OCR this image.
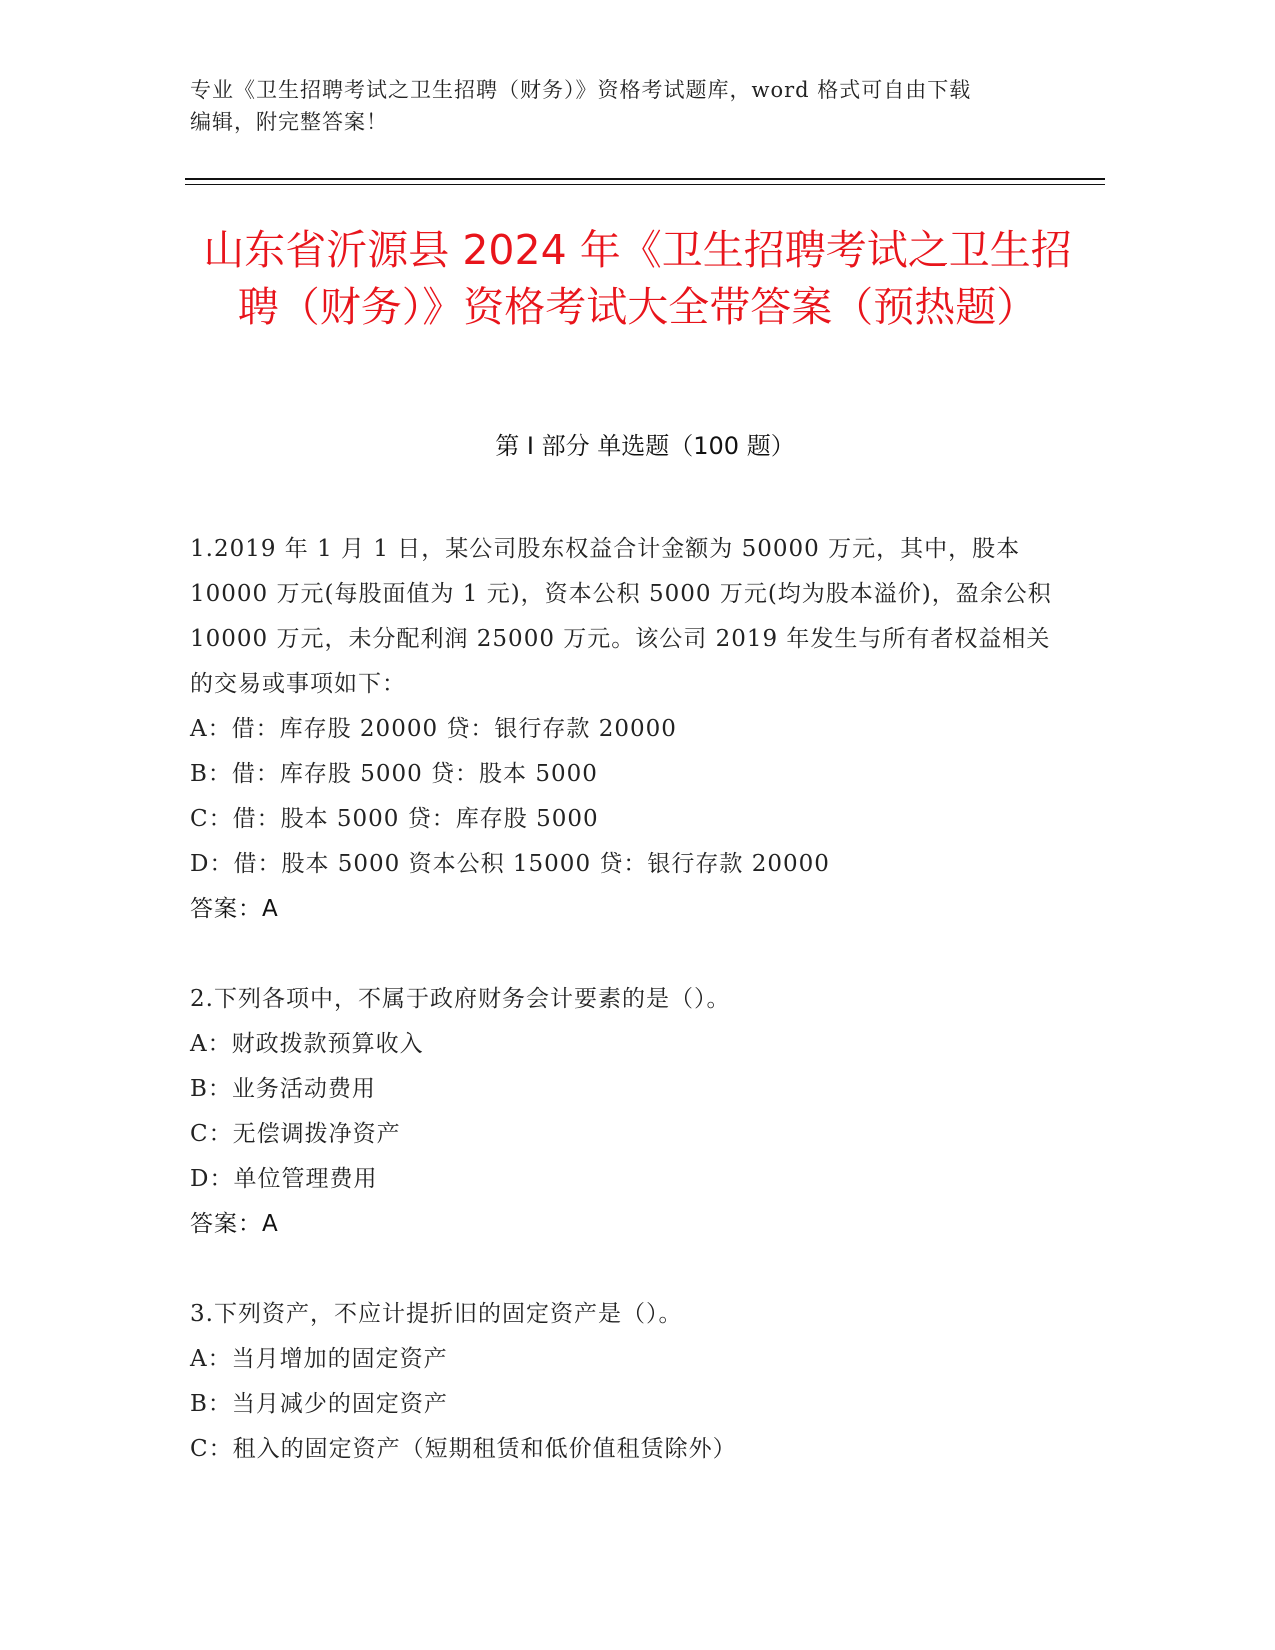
专业《卫生招聘考试之卫生招聘（财务）》资格考试题库，word 格式可自由下载
编辑，附完整答案！
山东省沂源县 2024 年《卫生招聘考试之卫生招聘（财务）》资格考试大全带答案（预热题）
第 I 部分 单选题（100 题）

1.2019 年 1 月 1 日，某公司股东权益合计金额为 50000 万元，其中，股本 10000 万元(每股面值为 1 元)，资本公积 5000 万元(均为股本溢价)，盈余公积 10000 万元，未分配利润 25000 万元。该公司 2019 年发生与所有者权益相关的交易或事项如下：

A：借：库存股 20000 贷：银行存款 20000

B：借：库存股 5000 贷：股本 5000

C：借：股本 5000 贷：库存股 5000

D：借：股本 5000 资本公积 15000 贷：银行存款 20000

答案：A

2.下列各项中，不属于政府财务会计要素的是（）。

A：财政拨款预算收入

B：业务活动费用

C：无偿调拨净资产

D：单位管理费用

答案：A

3.下列资产，不应计提折旧的固定资产是（）。

A：当月增加的固定资产

B：当月减少的固定资产

C：租入的固定资产（短期租赁和低价值租赁除外）
